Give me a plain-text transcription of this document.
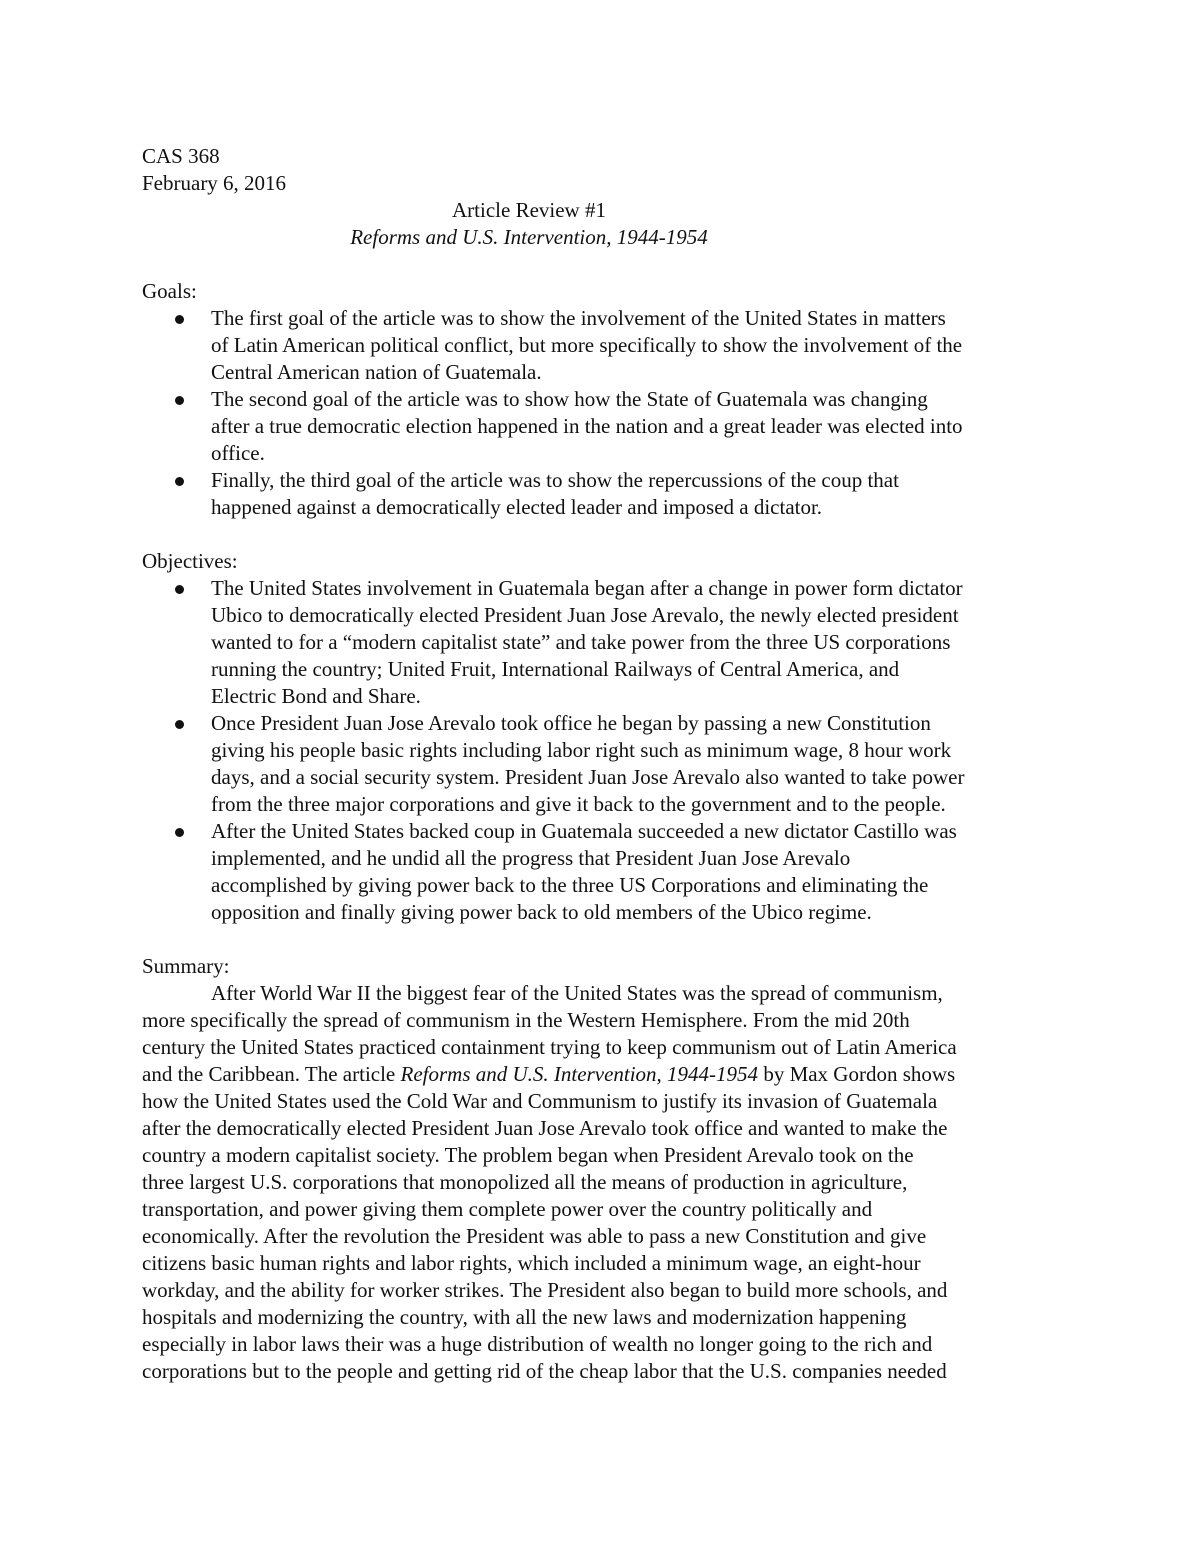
CAS 368
February 6, 2016
Article Review #1
Reforms and U.S. Intervention, 1944-1954
Goals:
The first goal of the article was to show the involvement of the United States in matters
of Latin American political conflict, but more specifically to show the involvement of the
Central American nation of Guatemala.
The second goal of the article was to show how the State of Guatemala was changing
after a true democratic election happened in the nation and a great leader was elected into
office.
Finally, the third goal of the article was to show the repercussions of the coup that
happened against a democratically elected leader and imposed a dictator.
Objectives:
The United States involvement in Guatemala began after a change in power form dictator
Ubico to democratically elected President Juan Jose Arevalo, the newly elected president
wanted to for a “modern capitalist state” and take power from the three US corporations
running the country; United Fruit, International Railways of Central America, and
Electric Bond and Share.
Once President Juan Jose Arevalo took office he began by passing a new Constitution
giving his people basic rights including labor right such as minimum wage, 8 hour work
days, and a social security system. President Juan Jose Arevalo also wanted to take power
from the three major corporations and give it back to the government and to the people.
After the United States backed coup in Guatemala succeeded a new dictator Castillo was
implemented, and he undid all the progress that President Juan Jose Arevalo
accomplished by giving power back to the three US Corporations and eliminating the
opposition and finally giving power back to old members of the Ubico regime.
Summary:
After World War II the biggest fear of the United States was the spread of communism,
more specifically the spread of communism in the Western Hemisphere. From the mid 20th
century the United States practiced containment trying to keep communism out of Latin America
and the Caribbean. The article Reforms and U.S. Intervention, 1944-1954 by Max Gordon shows
how the United States used the Cold War and Communism to justify its invasion of Guatemala
after the democratically elected President Juan Jose Arevalo took office and wanted to make the
country a modern capitalist society. The problem began when President Arevalo took on the
three largest U.S. corporations that monopolized all the means of production in agriculture,
transportation, and power giving them complete power over the country politically and
economically. After the revolution the President was able to pass a new Constitution and give
citizens basic human rights and labor rights, which included a minimum wage, an eight-hour
workday, and the ability for worker strikes. The President also began to build more schools, and
hospitals and modernizing the country, with all the new laws and modernization happening
especially in labor laws their was a huge distribution of wealth no longer going to the rich and
corporations but to the people and getting rid of the cheap labor that the U.S. companies needed
